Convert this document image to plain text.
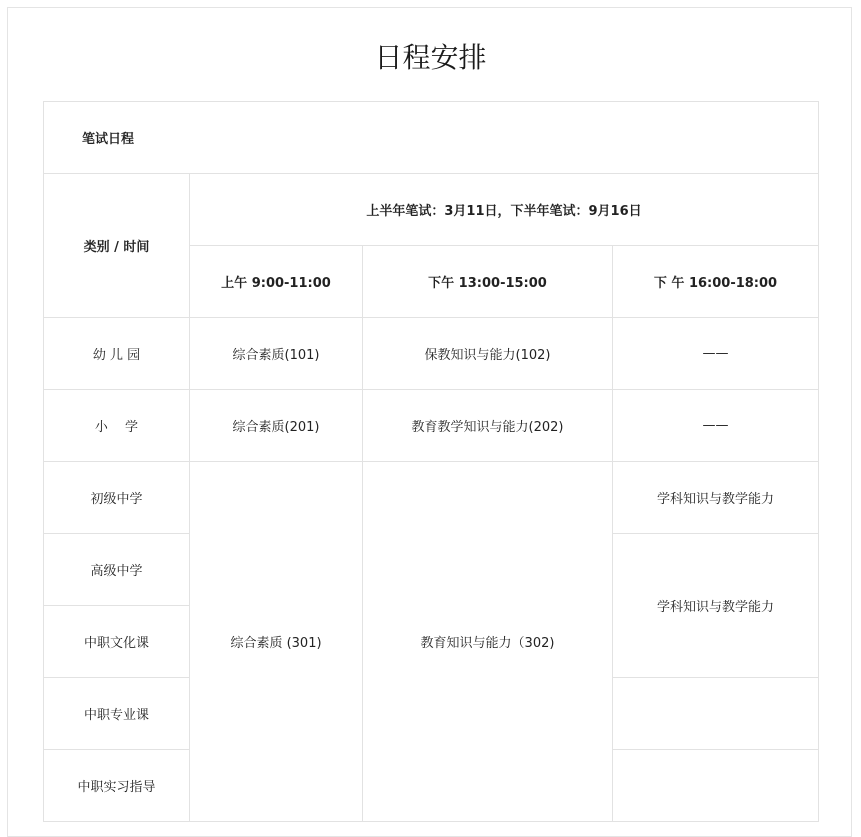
日程安排
笔试日程			
类别 / 时间	上半年笔试：3月11日，下半年笔试：9月16日		
	上午 9:00-11:00	下午 13:00-15:00	下 午 16:00-18:00
幼 儿 园	综合素质(101)	保教知识与能力(102)	——
小　 学	综合素质(201)	教育教学知识与能力(202)	——
初级中学	综合素质 (301)	教育知识与能力（302)	学科知识与教学能力
高级中学			学科知识与教学能力
中职文化课			
中职专业课			
中职实习指导			
